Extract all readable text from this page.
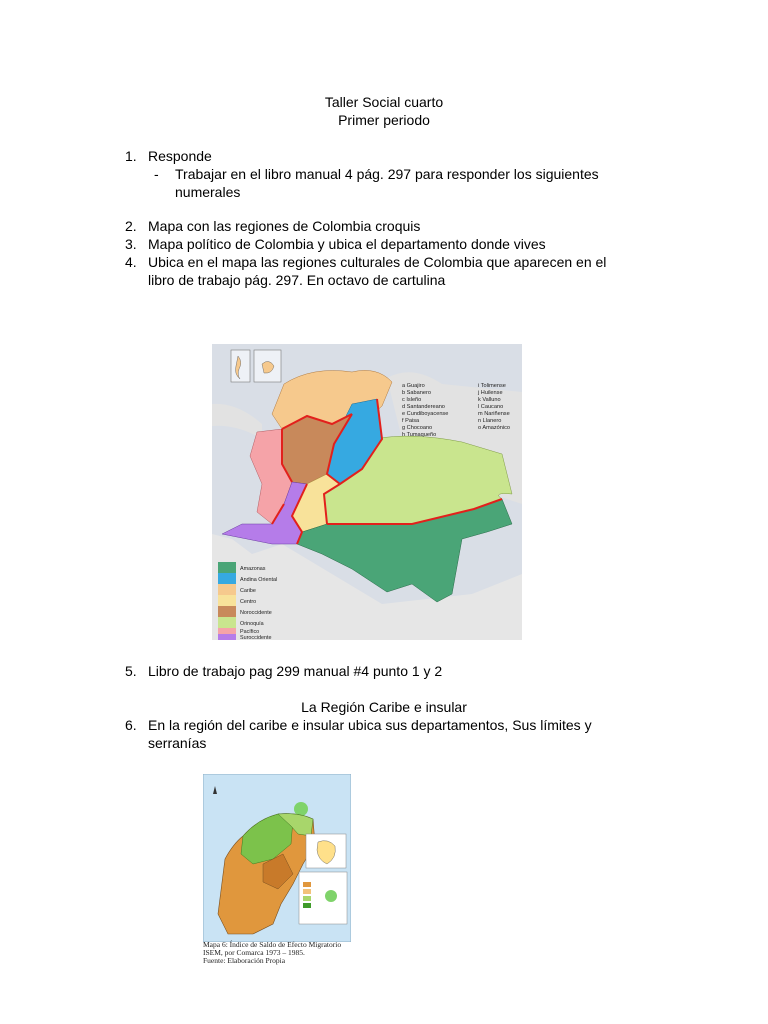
Taller Social cuarto
Primer periodo
1. Responde
- Trabajar en el libro manual 4 pág. 297 para responder los siguientes
numerales
2. Mapa con las regiones de Colombia croquis
3. Mapa político de Colombia y ubica el departamento donde vives
4. Ubica en el mapa las regiones culturales de Colombia que aparecen en el
libro de trabajo pág. 297. En octavo de cartulina
a Guajiro
b Sabanero
c Isleño
d Santandereano
e Cundiboyacense
f Paisa
g Chocoano
h Tumaqueño
i Tolimense
j Huilense
k Valluno
l Caucano
m Nariñense
n Llanero
o Amazónico
Amazonas
Andina Oriental
Caribe
Centro
Noroccidente
Orinoquía
Pacífico
Suroccidente
5. Libro de trabajo pag 299 manual #4 punto 1 y 2
La Región Caribe e insular
6. En la región del caribe e insular ubica sus departamentos, Sus límites y
serranías
Mapa 6: Índice de Saldo de Efecto Migratorio
ISEM, por Comarca 1973 – 1985.
Fuente: Elaboración Propia
